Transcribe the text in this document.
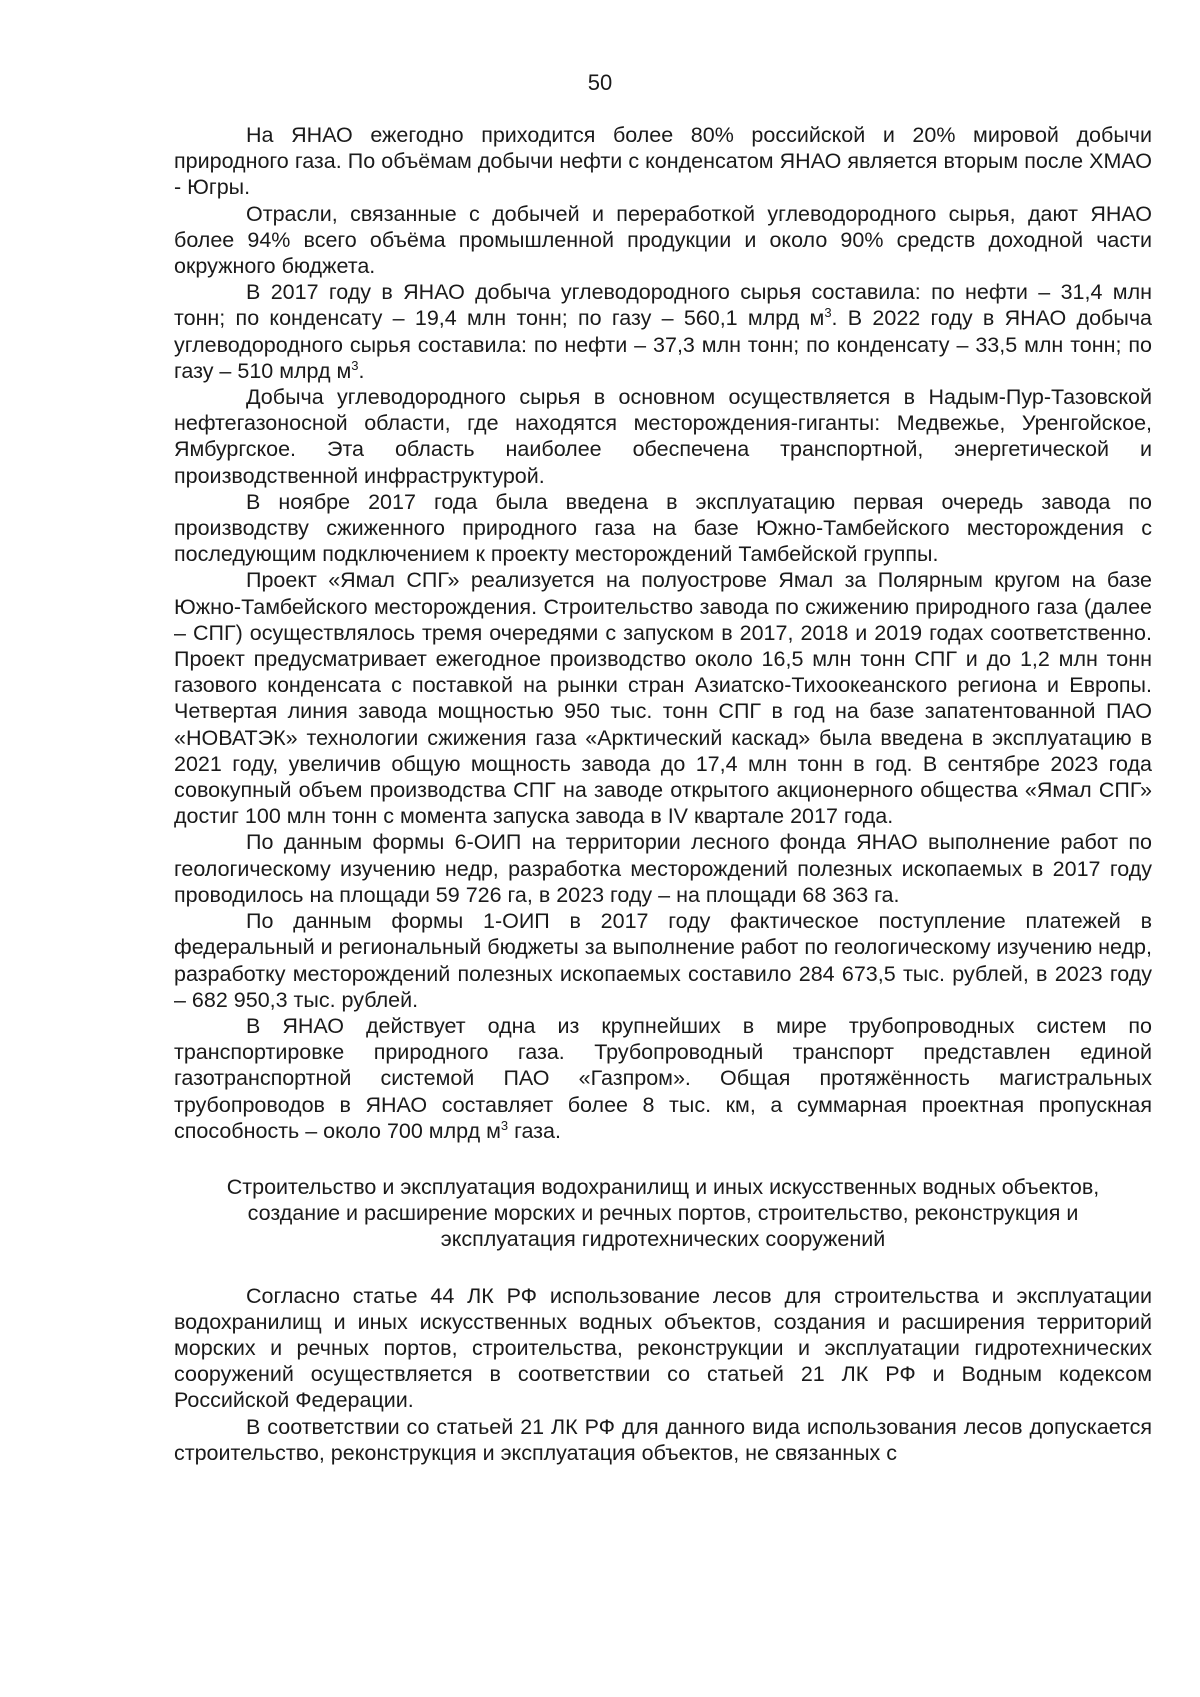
50

На ЯНАО ежегодно приходится более 80% российской и 20% мировой добычи природного газа. По объёмам добычи нефти с конденсатом ЯНАО является вторым после ХМАО - Югры.

Отрасли, связанные с добычей и переработкой углеводородного сырья, дают ЯНАО более 94% всего объёма промышленной продукции и около 90% средств доходной части окружного бюджета.

В 2017 году в ЯНАО добыча углеводородного сырья составила: по нефти – 31,4 млн тонн; по конденсату – 19,4 млн тонн; по газу – 560,1 млрд $м^3$. В 2022 году в ЯНАО добыча углеводородного сырья составила: по нефти – 37,3 млн тонн; по конденсату – 33,5 млн тонн; по газу – 510 млрд $м^3$.

Добыча углеводородного сырья в основном осуществляется в Надым-Пур-Тазовской нефтегазоносной области, где находятся месторождения-гиганты: Медвежье, Уренгойское, Ямбургское. Эта область наиболее обеспечена транспортной, энергетической и производственной инфраструктурой.

В ноябре 2017 года была введена в эксплуатацию первая очередь завода по производству сжиженного природного газа на базе Южно-Тамбейского месторождения с последующим подключением к проекту месторождений Тамбейской группы.

Проект «Ямал СПГ» реализуется на полуострове Ямал за Полярным кругом на базе Южно-Тамбейского месторождения. Строительство завода по сжижению природного газа (далее – СПГ) осуществлялось тремя очередями с запуском в 2017, 2018 и 2019 годах соответственно. Проект предусматривает ежегодное производство около 16,5 млн тонн СПГ и до 1,2 млн тонн газового конденсата с поставкой на рынки стран Азиатско-Тихоокеанского региона и Европы. Четвертая линия завода мощностью 950 тыс. тонн СПГ в год на базе запатентованной ПАО «НОВАТЭК» технологии сжижения газа «Арктический каскад» была введена в эксплуатацию в 2021 году, увеличив общую мощность завода до 17,4 млн тонн в год. В сентябре 2023 года совокупный объем производства СПГ на заводе открытого акционерного общества «Ямал СПГ» достиг 100 млн тонн с момента запуска завода в IV квартале 2017 года.

По данным формы 6-ОИП на территории лесного фонда ЯНАО выполнение работ по геологическому изучению недр, разработка месторождений полезных ископаемых в 2017 году проводилось на площади 59 726 га, в 2023 году – на площади 68 363 га.

По данным формы 1-ОИП в 2017 году фактическое поступление платежей в федеральный и региональный бюджеты за выполнение работ по геологическому изучению недр, разработку месторождений полезных ископаемых составило 284 673,5 тыс. рублей, в 2023 году – 682 950,3 тыс. рублей.

В ЯНАО действует одна из крупнейших в мире трубопроводных систем по транспортировке природного газа. Трубопроводный транспорт представлен единой газотранспортной системой ПАО «Газпром». Общая протяжённость магистральных трубопроводов в ЯНАО составляет более 8 тыс. км, а суммарная проектная пропускная способность – около 700 млрд $м^3$ газа.

Строительство и эксплуатация водохранилищ и иных искусственных водных объектов, создание и расширение морских и речных портов, строительство, реконструкция и эксплуатация гидротехнических сооружений

Согласно статье 44 ЛК РФ использование лесов для строительства и эксплуатации водохранилищ и иных искусственных водных объектов, создания и расширения территорий морских и речных портов, строительства, реконструкции и эксплуатации гидротехнических сооружений осуществляется в соответствии со статьей 21 ЛК РФ и Водным кодексом Российской Федерации.

В соответствии со статьей 21 ЛК РФ для данного вида использования лесов допускается строительство, реконструкция и эксплуатация объектов, не связанных с
